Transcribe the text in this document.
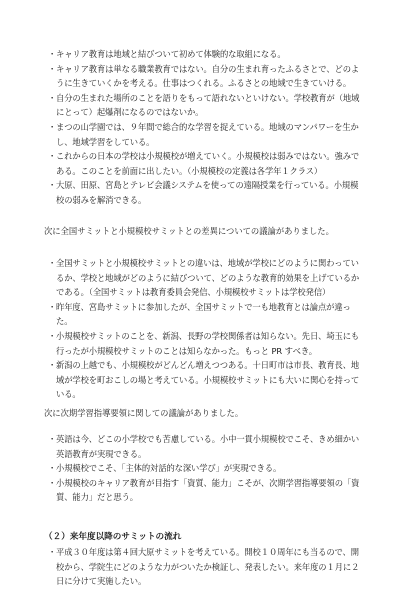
・ キャリア教育は地域と結びついて初めて体験的な取組になる。
・ キャリア教育は単なる職業教育ではない。自分の生まれ育ったふるさとで、どのように生きていくかを考える。仕事はつくれる。ふるさとの地域で生きていける。
・ 自分の生まれた場所のことを語りをもって語れないといけない。学校教育が（地域にとって）起爆剤になるのではないか。
・ まつの山学園では、９年間で総合的な学習を捉えている。地域のマンパワーを生かし、地域学習をしている。
・ これからの日本の学校は小規模校が増えていく。小規模校は弱みではない。強みである。このことを前面に出したい。（小規模校の定義は各学年１クラス）
・ 大原、田原、宮島とテレビ会議システムを使っての遠隔授業を行っている。小規模校の弱みを解消できる。
次に全国サミットと小規模校サミットとの差異についての議論がありました。
・ 全国サミットと小規模校サミットとの違いは、地域が学校にどのように関わっているか、学校と地域がどのように結びついて、どのような教育的効果を上げているかである。（全国サミットは教育委員会発信、小規模校サミットは学校発信）
・ 昨年度、宮島サミットに参加したが、全国サミットで一も地教育とは論点が違った。
・ 小規模校サミットのことを、新潟、長野の学校関係者は知らない。先日、埼玉にも行ったが小規模校サミットのことは知らなかった。もっと PR すべき。
・ 新潟の上越でも、小規模校がどんどん増えつつある。十日町市は市長、教育長、地域が学校を町おこしの場と考えている。小規模校サミットにも大いに関心を持っている。
次に次期学習指導要領に関しての議論がありました。
・ 英語は今、どこの小学校でも苦慮している。小中一貫小規模校でこそ、きめ細かい英語教育が実現できる。
・ 小規模校でこそ、「主体的対話的な深い学び」が実現できる。
・ 小規模校のキャリア教育が目指す「資質、能力」こそが、次期学習指導要領の「資質、能力」だと思う。
（２）来年度以降のサミットの流れ
・ 平成３０年度は第４回大原サミットを考えている。開校１０周年にも当るので、開校から、学院生にどのような力がついたか検証し、発表したい。来年度の１月に２日に分けて実施したい。
